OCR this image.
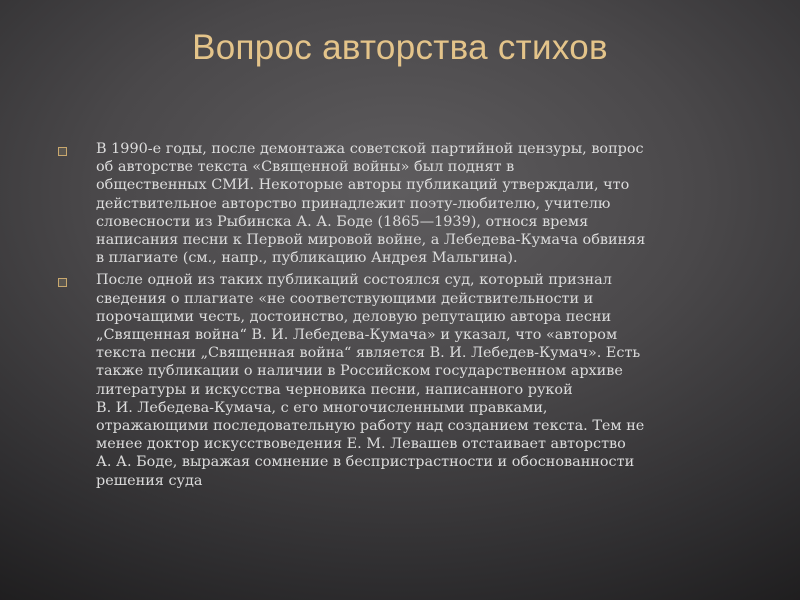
Вопрос авторства стихов

В 1990-е годы, после демонтажа советской партийной цензуры, вопрос
об авторстве текста «Священной войны» был поднят в
общественных СМИ. Некоторые авторы публикаций утверждали, что
действительное авторство принадлежит поэту-любителю, учителю
словесности из Рыбинска А. А. Боде (1865—1939), относя время
написания песни к Первой мировой войне, а Лебедева-Кумача обвиняя
в плагиате (см., напр., публикацию Андрея Мальгина).

После одной из таких публикаций состоялся суд, который признал
сведения о плагиате «не соответствующими действительности и
порочащими честь, достоинство, деловую репутацию автора песни
„Священная война“ В. И. Лебедева-Кумача» и указал, что «автором
текста песни „Священная война“ является В. И. Лебедев-Кумач». Есть
также публикации о наличии в Российском государственном архиве
литературы и искусства черновика песни, написанного рукой
В. И. Лебедева-Кумача, с его многочисленными правками,
отражающими последовательную работу над созданием текста. Тем не
менее доктор искусствоведения Е. М. Левашев отстаивает авторство
А. А. Боде, выражая сомнение в беспристрастности и обоснованности
решения суда
